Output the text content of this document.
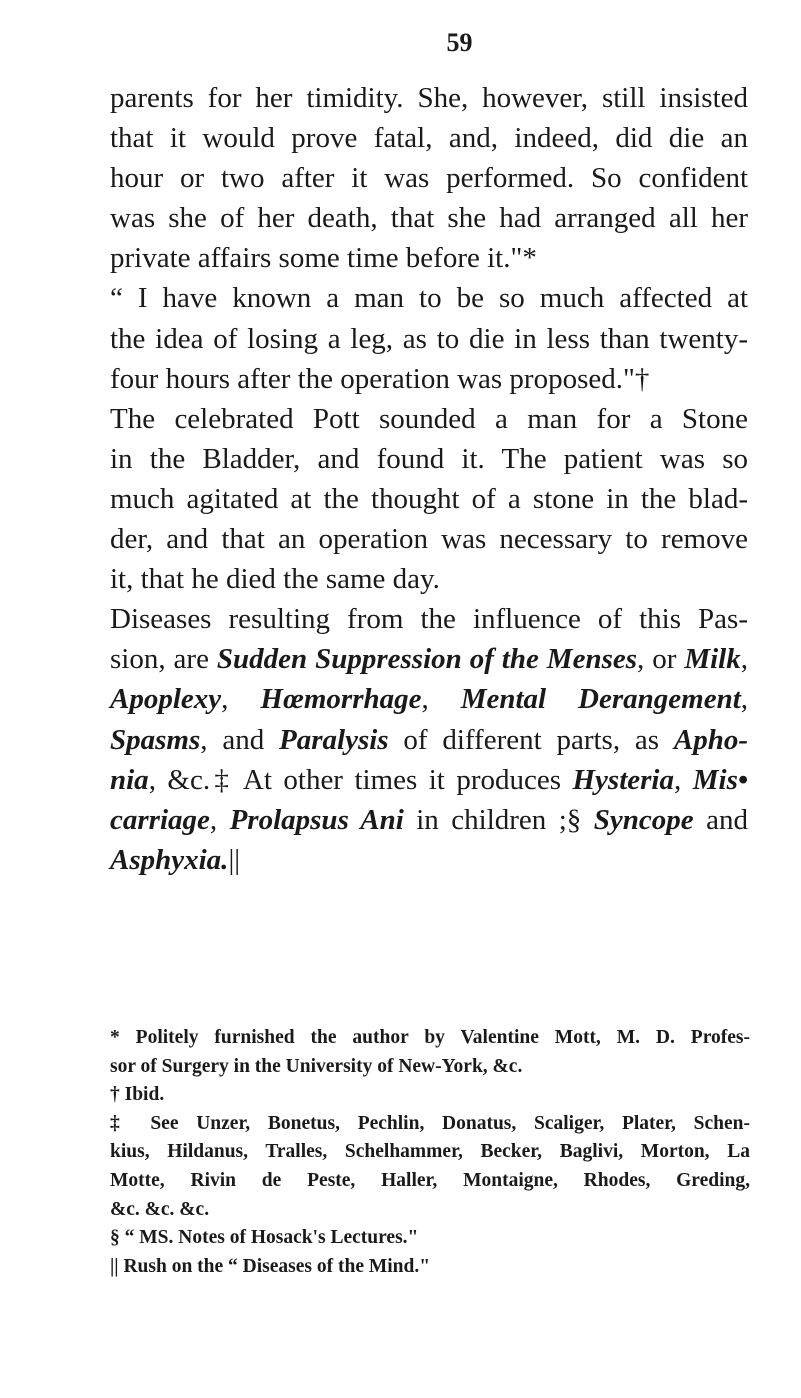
59
parents for her timidity. She, however, still insisted
that it would prove fatal, and, indeed, did die an
hour or two after it was performed. So confident
was she of her death, that she had arranged all her
private affairs some time before it."*
“ I have known a man to be so much affected at
the idea of losing a leg, as to die in less than twenty-
four hours after the operation was proposed."†
The celebrated Pott sounded a man for a Stone
in the Bladder, and found it. The patient was so
much agitated at the thought of a stone in the blad-
der, and that an operation was necessary to remove
it, that he died the same day.
Diseases resulting from the influence of this Pas-
sion, are Sudden Suppression of the Menses, or Milk,
Apoplexy, Hœmorrhage, Mental Derangement,
Spasms, and Paralysis of different parts, as Apho-
nia, &c.‡ At other times it produces Hysteria, Mis•
carriage, Prolapsus Ani in children ;§ Syncope and
Asphyxia.||
* Politely furnished the author by Valentine Mott, M. D. Profes-
sor of Surgery in the University of New-York, &c.
† Ibid.
‡ See Unzer, Bonetus, Pechlin, Donatus, Scaliger, Plater, Schen-
kius, Hildanus, Tralles, Schelhammer, Becker, Baglivi, Morton, La
Motte, Rivin de Peste, Haller, Montaigne, Rhodes, Greding,
&c. &c. &c.
§ “ MS. Notes of Hosack's Lectures."
|| Rush on the “ Diseases of the Mind."
